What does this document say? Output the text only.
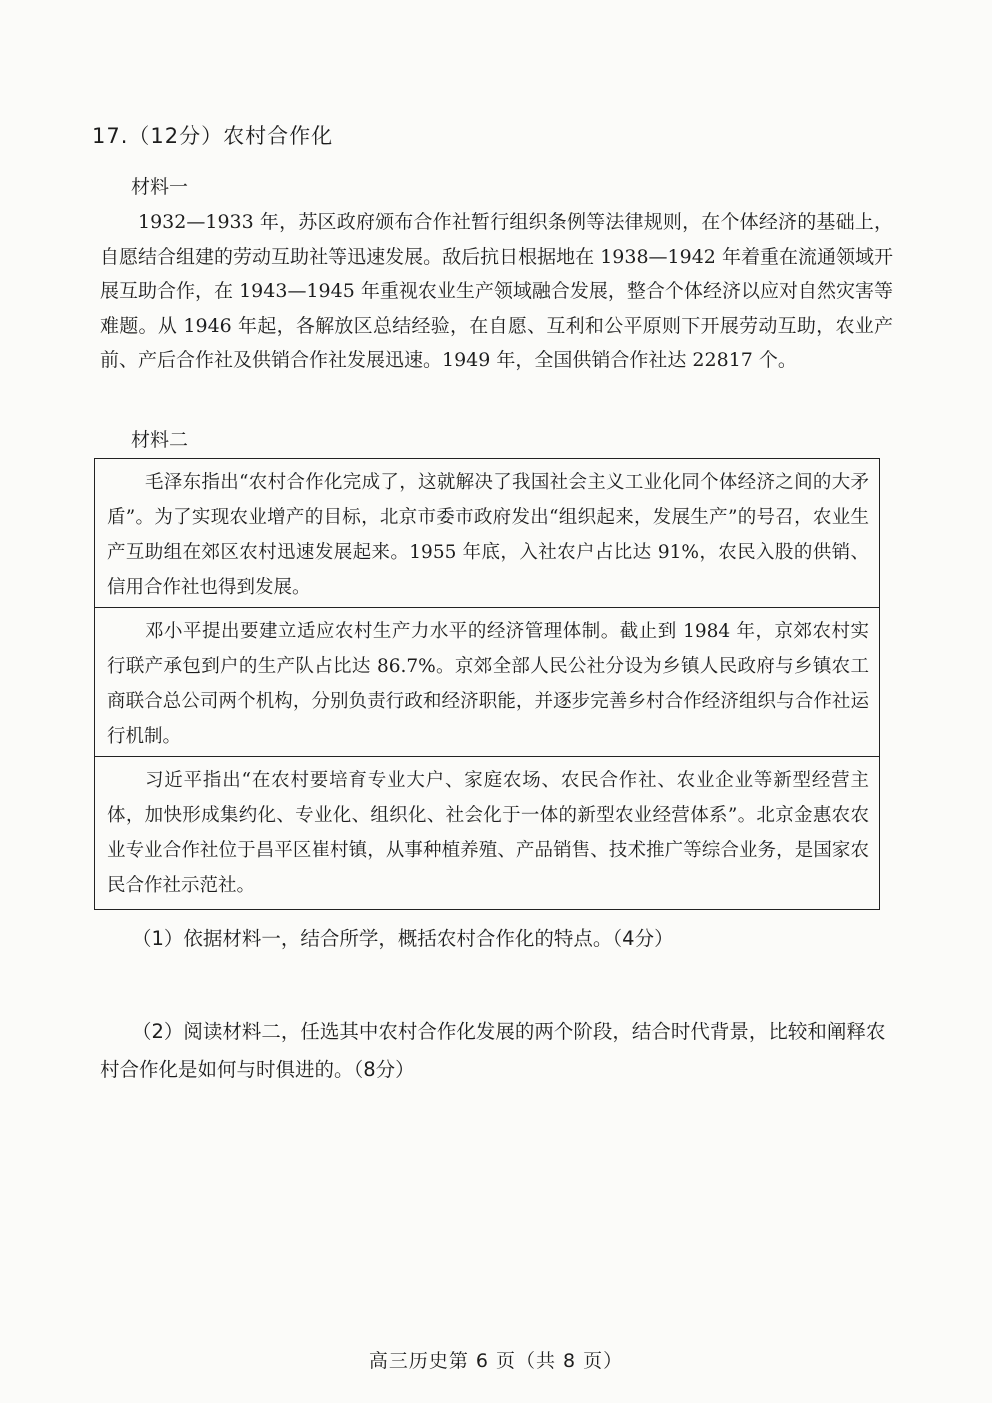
17.（12分）农村合作化
材料一

1932—1933 年，苏区政府颁布合作社暂行组织条例等法律规则，在个体经济的基础上，自愿结合组建的劳动互助社等迅速发展。敌后抗日根据地在 1938—1942 年着重在流通领域开展互助合作，在 1943—1945 年重视农业生产领域融合发展，整合个体经济以应对自然灾害等难题。从 1946 年起，各解放区总结经验，在自愿、互利和公平原则下开展劳动互助，农业产前、产后合作社及供销合作社发展迅速。1949 年，全国供销合作社达 22817 个。

材料二

毛泽东指出“农村合作化完成了，这就解决了我国社会主义工业化同个体经济之间的大矛盾”。为了实现农业增产的目标，北京市委市政府发出“组织起来，发展生产”的号召，农业生产互助组在郊区农村迅速发展起来。1955 年底，入社农户占比达 91%，农民入股的供销、信用合作社也得到发展。

邓小平提出要建立适应农村生产力水平的经济管理体制。截止到 1984 年，京郊农村实行联产承包到户的生产队占比达 86.7%。京郊全部人民公社分设为乡镇人民政府与乡镇农工商联合总公司两个机构，分别负责行政和经济职能，并逐步完善乡村合作经济组织与合作社运行机制。

习近平指出“在农村要培育专业大户、家庭农场、农民合作社、农业企业等新型经营主体，加快形成集约化、专业化、组织化、社会化于一体的新型农业经营体系”。北京金惠农农业专业合作社位于昌平区崔村镇，从事种植养殖、产品销售、技术推广等综合业务，是国家农民合作社示范社。

（1）依据材料一，结合所学，概括农村合作化的特点。（4分）
（2）阅读材料二，任选其中农村合作化发展的两个阶段，结合时代背景，比较和阐释农村合作化是如何与时俱进的。（8分）
高三历史第 6 页（共 8 页）
